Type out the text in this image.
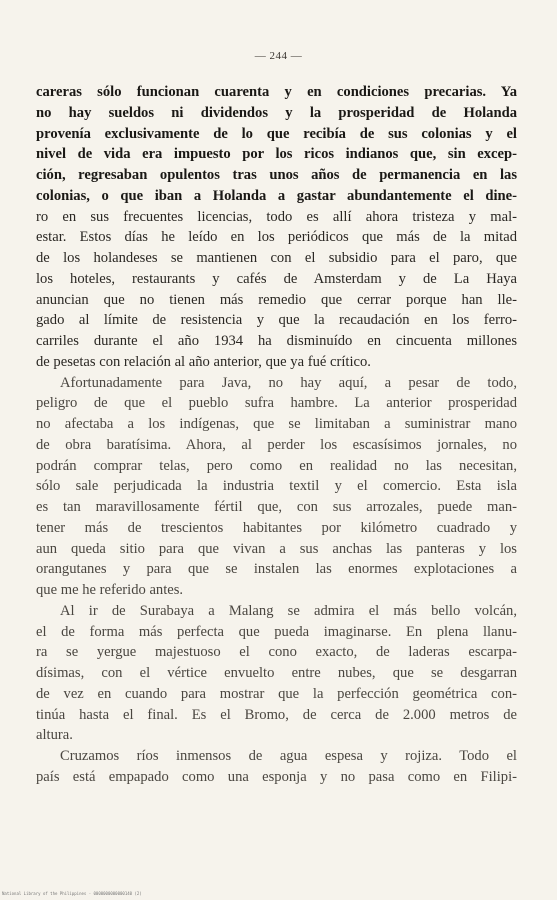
— 244 —
careras sólo funcionan cuarenta y en condiciones precarias. Ya
no hay sueldos ni dividendos y la prosperidad de Holanda
provenía exclusivamente de lo que recibía de sus colonias y el
nivel de vida era impuesto por los ricos indianos que, sin excep-
ción, regresaban opulentos tras unos años de permanencia en las
colonias, o que iban a Holanda a gastar abundantemente el dine-
ro en sus frecuentes licencias, todo es allí ahora tristeza y mal-
estar. Estos días he leído en los periódicos que más de la mitad
de los holandeses se mantienen con el subsidio para el paro, que
los hoteles, restaurants y cafés de Amsterdam y de La Haya
anuncian que no tienen más remedio que cerrar porque han lle-
gado al límite de resistencia y que la recaudación en los ferro-
carriles durante el año 1934 ha disminuído en cincuenta millones
de pesetas con relación al año anterior, que ya fué crítico.
Afortunadamente para Java, no hay aquí, a pesar de todo,
peligro de que el pueblo sufra hambre. La anterior prosperidad
no afectaba a los indígenas, que se limitaban a suministrar mano
de obra baratísima. Ahora, al perder los escasísimos jornales, no
podrán comprar telas, pero como en realidad no las necesitan,
sólo sale perjudicada la industria textil y el comercio. Esta isla
es tan maravillosamente fértil que, con sus arrozales, puede man-
tener más de trescientos habitantes por kilómetro cuadrado y
aun queda sitio para que vivan a sus anchas las panteras y los
orangutanes y para que se instalen las enormes explotaciones a
que me he referido antes.
Al ir de Surabaya a Malang se admira el más bello volcán,
el de forma más perfecta que pueda imaginarse. En plena llanu-
ra se yergue majestuoso el cono exacto, de laderas escarpa-
dísimas, con el vértice envuelto entre nubes, que se desgarran
de vez en cuando para mostrar que la perfección geométrica con-
tinúa hasta el final. Es el Bromo, de cerca de 2.000 metros de
altura.
Cruzamos ríos inmensos de agua espesa y rojiza. Todo el
país está empapado como una esponja y no pasa como en Filipi-
National Library of the Philippines · 0000000000000140 (2)
